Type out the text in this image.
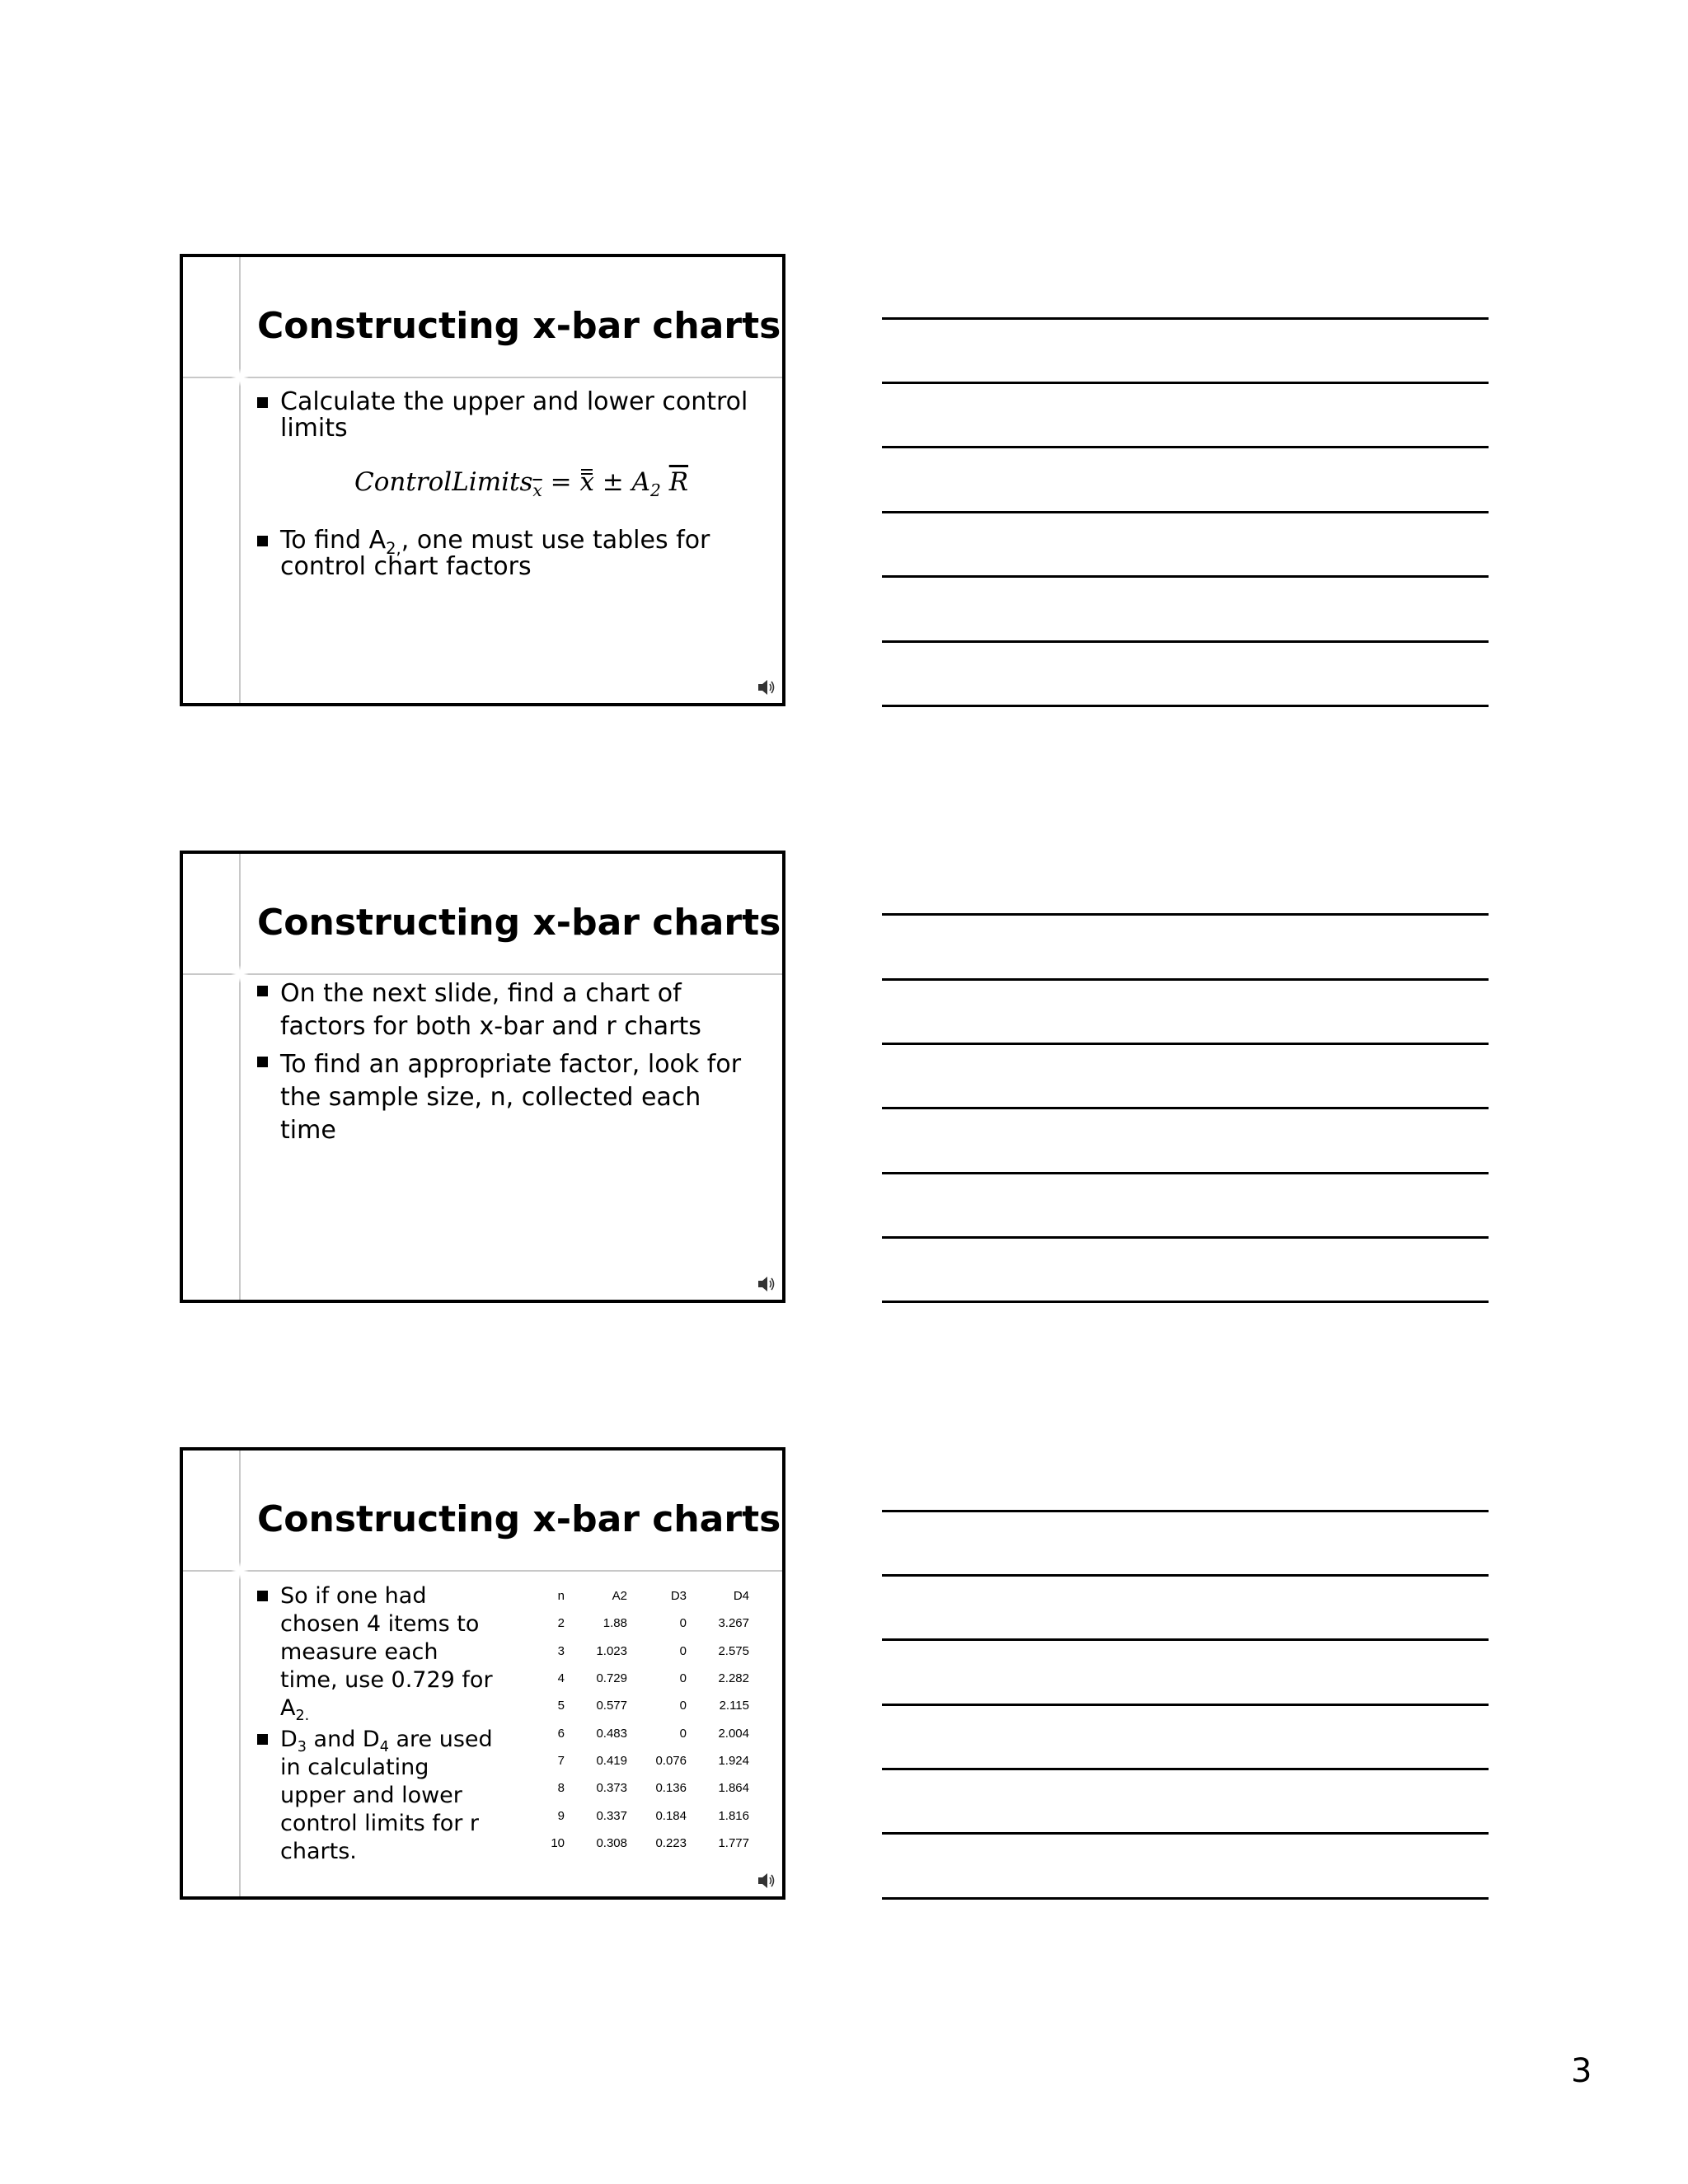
Constructing x-bar charts
Calculate the upper and lower control limits
ControlLimits$_{\overline{x}}$ = $x \pm A_2$ $\overline{R}$
To find $A_{2,}$, one must use tables for control chart factors
Constructing x-bar charts
On the next slide, find a chart of factors for both x-bar and r charts
To find an appropriate factor, look for the sample size, n, collected each time
Constructing x-bar charts
So if one had chosen 4 items to measure each time, use 0.729 for $A_{2.}$
$D_3$ and $D_4$ are used in calculating upper and lower control limits for r charts.
n	A2	D3	D4
2	1.88	0	3.267
3	1.023	0	2.575
4	0.729	0	2.282
5	0.577	0	2.115
6	0.483	0	2.004
7	0.419	0.076	1.924
8	0.373	0.136	1.864
9	0.337	0.184	1.816
10	0.308	0.223	1.777
3
